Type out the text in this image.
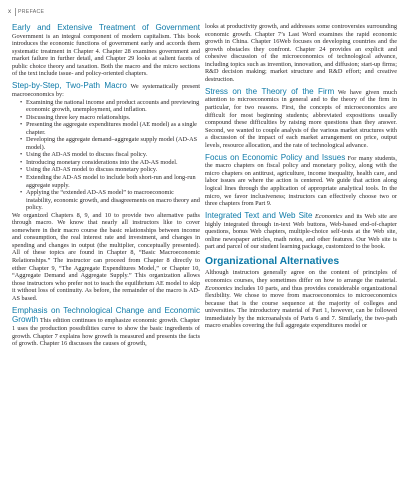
x PREFACE

Early and Extensive Treatment of Government Government is an integral component of modern capitalism. This book introduces the economic functions of government early and accords them systematic treatment in Chapter 4. Chapter 28 examines government and market failure in further detail, and Chapter 29 looks at salient facets of public choice theory and taxation. Both the macro and the micro sections of the text include issue- and policy-oriented chapters.

Step-by-Step, Two-Path Macro We systematically present macroeconomics by:

• Examining the national income and product accounts and previewing economic growth, unemployment, and inflation.
• Discussing three key macro relationships.
• Presenting the aggregate expenditures model (AE model) as a single chapter.
• Developing the aggregate demand–aggregate supply model (AD-AS model).
• Using the AD-AS model to discuss fiscal policy.
• Introducing monetary considerations into the AD-AS model.
• Using the AD-AS model to discuss monetary policy.
• Extending the AD-AS model to include both short-run and long-run aggregate supply.
• Applying the “extended AD-AS model” to macroeconomic instability, economic growth, and disagreements on macro theory and policy.

We organized Chapters 8, 9, and 10 to provide two alternative paths through macro. We know that nearly all instructors like to cover somewhere in their macro course the basic relationships between income and consumption, the real interest rate and investment, and changes in spending and changes in output (the multiplier, conceptually presented). All of these topics are found in Chapter 8, “Basic Macroeconomic Relationships.” The instructor can proceed from Chapter 8 directly to either Chapter 9, “The Aggregate Expenditures Model,” or Chapter 10, “Aggregate Demand and Aggregate Supply.” This organization allows those instructors who prefer not to teach the equilibrium AE model to skip it without loss of continuity. As before, the remainder of the macro is AD-AS based.

Emphasis on Technological Change and Economic Growth This edition continues to emphasize economic growth. Chapter 1 uses the production possibilities curve to show the basic ingredients of growth. Chapter 7 explains how growth is measured and presents the facts of growth. Chapter 16 discusses the causes of growth,

looks at productivity growth, and addresses some controversies surrounding economic growth. Chapter 7’s Last Word examines the rapid economic growth in China. Chapter 16Web focuses on developing countries and the growth obstacles they confront. Chapter 24 provides an explicit and cohesive discussion of the microeconomics of technological advance, including topics such as invention, innovation, and diffusion; start-up firms; R&D decision making; market structure and R&D effort; and creative destruction.

Stress on the Theory of the Firm We have given much attention to microeconomics in general and to the theory of the firm in particular, for two reasons. First, the concepts of microeconomics are difficult for most beginning students; abbreviated expositions usually compound these difficulties by raising more questions than they answer. Second, we wanted to couple analysis of the various market structures with a discussion of the impact of each market arrangement on price, output levels, resource allocation, and the rate of technological advance.

Focus on Economic Policy and Issues For many students, the macro chapters on fiscal policy and monetary policy, along with the micro chapters on antitrust, agriculture, income inequality, health care, and labor issues are where the action is centered. We guide that action along logical lines through the application of appropriate analytical tools. In the micro, we favor inclusiveness; instructors can effectively choose two or three chapters from Part 9.

Integrated Text and Web Site Economics and its Web site are highly integrated through in-text Web buttons, Web-based end-of-chapter questions, bonus Web chapters, multiple-choice self-tests at the Web site, online newspaper articles, math notes, and other features. Our Web site is part and parcel of our student learning package, customized to the book.

Organizational Alternatives

Although instructors generally agree on the content of principles of economics courses, they sometimes differ on how to arrange the material. Economics includes 10 parts, and thus provides considerable organizational flexibility. We chose to move from macroeconomics to microeconomics because that is the course sequence at the majority of colleges and universities. The introductory material of Part 1, however, can be followed immediately by the microanalysis of Parts 6 and 7. Similarly, the two-path macro enables covering the full aggregate expenditures model or
